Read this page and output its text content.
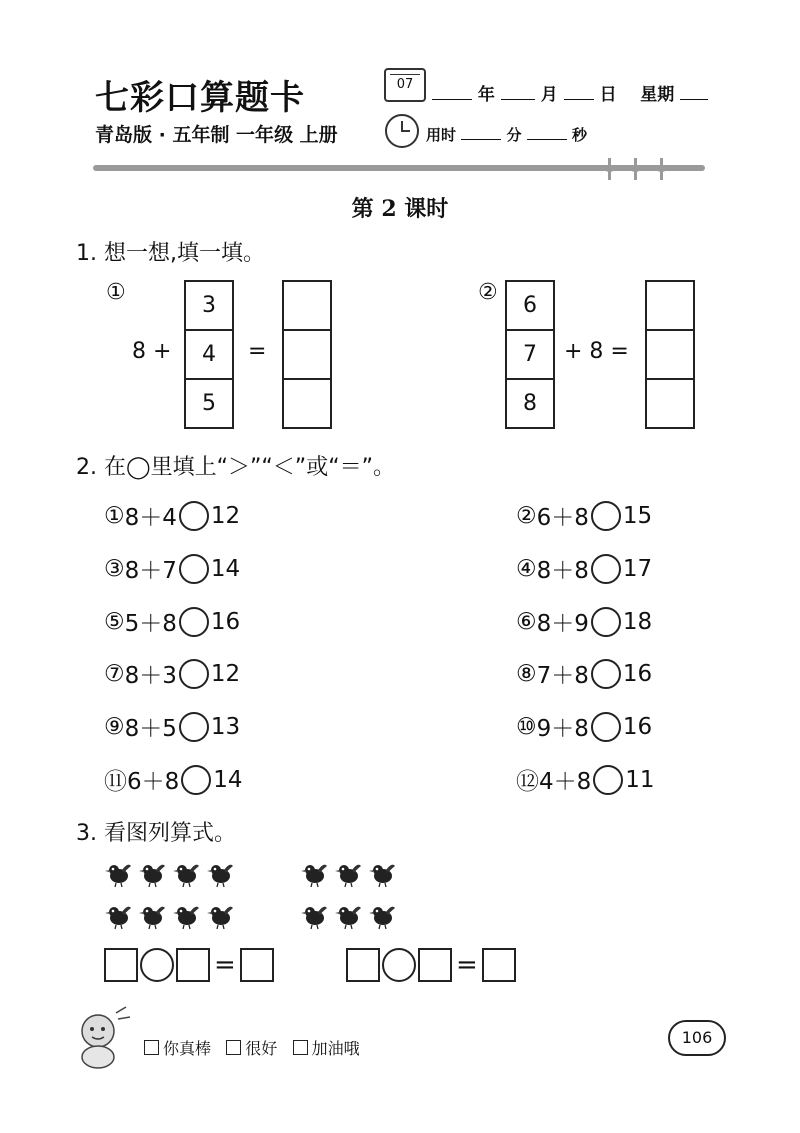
七彩口算题卡	07
年	月 日 星期
青岛版 · 五年制 一年级 上册	用时	分	秒
第 2 课时
1. 想一想,填一填。
①
8 +
3
4
5
=
②
6
7
8
+ 8 =
2. 在◯里填上“＞”“＜”或“＝”。
① 8＋4 12	② 6＋8 15
③ 8＋7 14	④ 8＋8 17
⑤ 5＋8 16	⑥ 8＋9 18
⑦ 8＋3 12	⑧ 7＋8 16
⑨ 8＋5 13	⑩ 9＋8 16
⑪ 6＋8 14	⑫ 4＋8 11
3. 看图列算式。

=	=
你真棒
很好
加油哦
106
